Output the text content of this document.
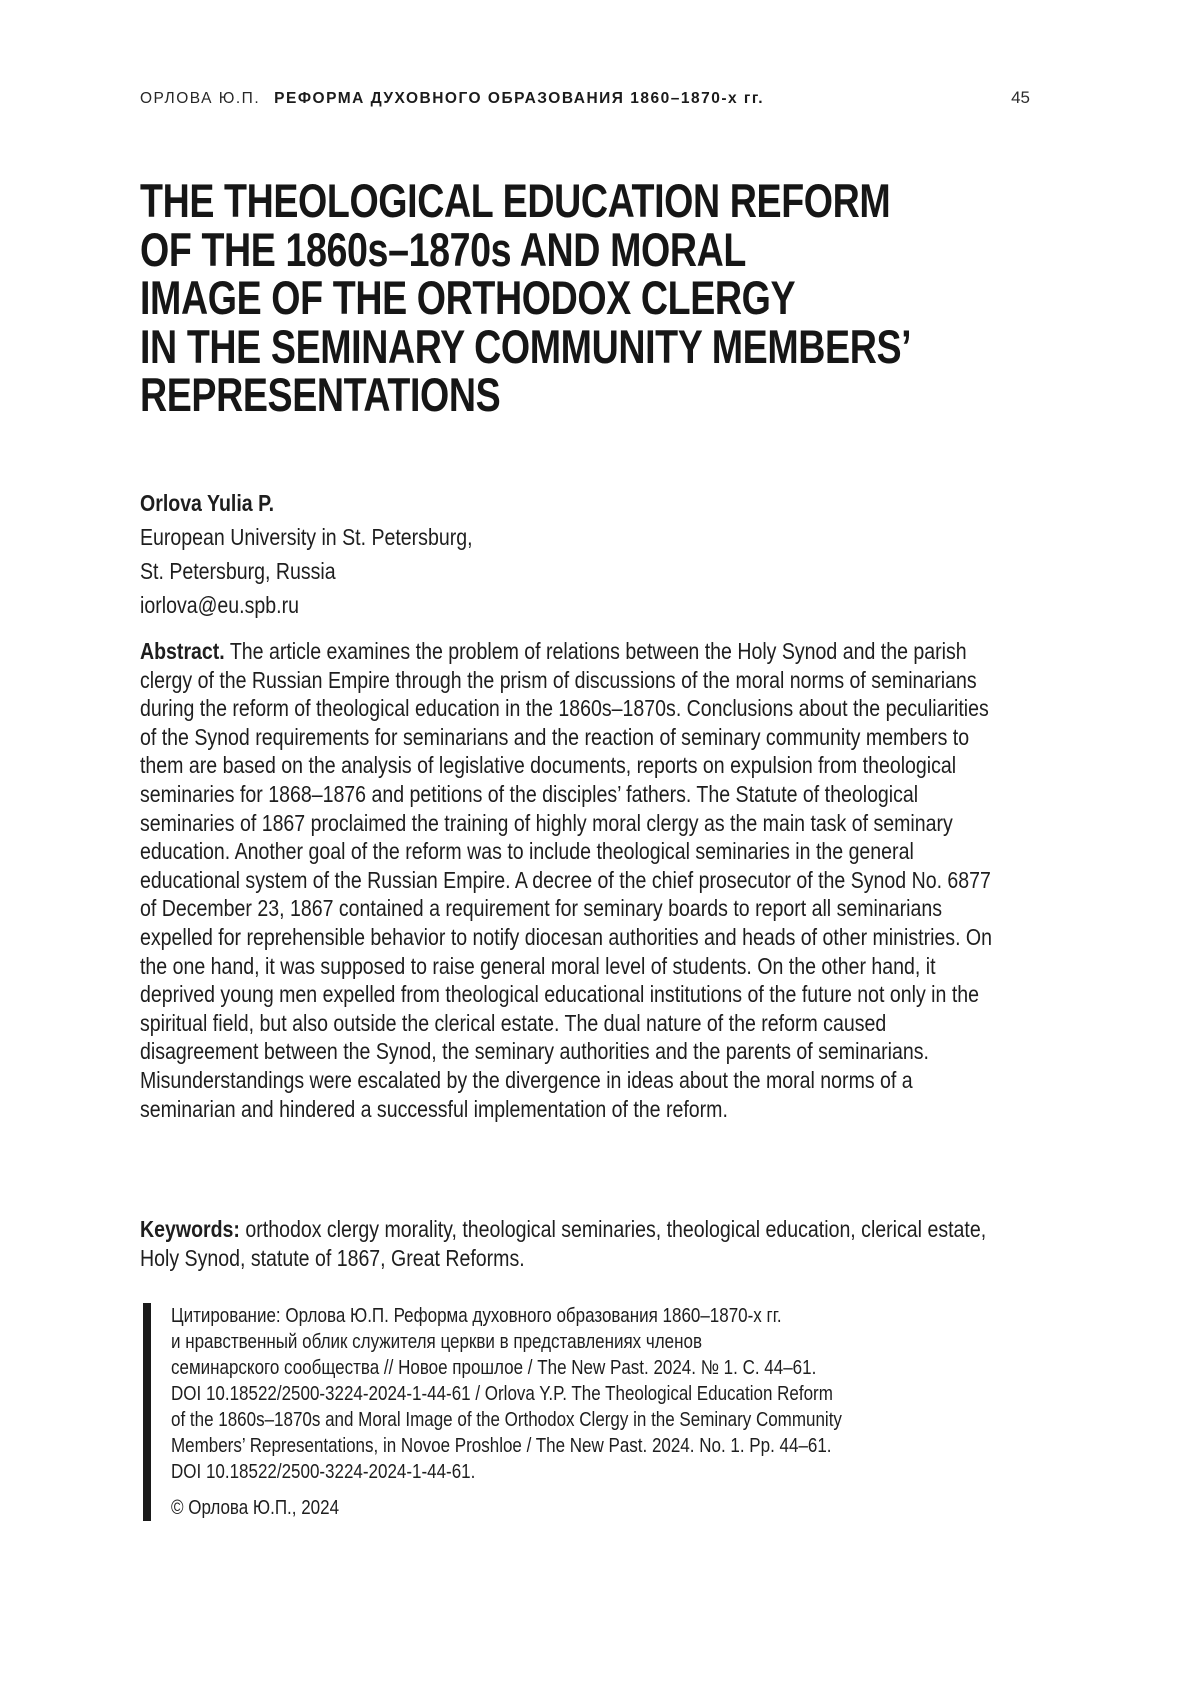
ОРЛОВА Ю.П. РЕФОРМА ДУХОВНОГО ОБРАЗОВАНИЯ 1860–1870-х гг.	45
THE THEOLOGICAL EDUCATION REFORM
OF THE 1860s–1870s AND MORAL
IMAGE OF THE ORTHODOX CLERGY
IN THE SEMINARY COMMUNITY MEMBERS’
REPRESENTATIONS
Orlova Yulia P.
European University in St. Petersburg,
St. Petersburg, Russia
iorlova@eu.spb.ru
Abstract. The article examines the problem of relations between the Holy Synod and the parish clergy of the Russian Empire through the prism of discussions of the moral norms of seminarians during the reform of theological education in the 1860s–1870s. Conclusions about the peculiarities of the Synod requirements for seminarians and the reaction of seminary community members to them are based on the analysis of legislative documents, reports on expulsion from theological seminaries for 1868–1876 and petitions of the disciples’ fathers. The Statute of theological seminaries of 1867 proclaimed the training of highly moral clergy as the main task of seminary education. Another goal of the reform was to include theological seminaries in the general educational system of the Russian Empire. A decree of the chief prosecutor of the Synod No. 6877 of December 23, 1867 contained a requirement for seminary boards to report all seminarians expelled for reprehensible behavior to notify diocesan authorities and heads of other ministries. On the one hand, it was supposed to raise general moral level of students. On the other hand, it deprived young men expelled from theological educational institutions of the future not only in the spiritual field, but also outside the clerical estate. The dual nature of the reform caused disagreement between the Synod, the seminary authorities and the parents of seminarians. Misunderstandings were escalated by the divergence in ideas about the moral norms of a seminarian and hindered a successful implementation of the reform.
Keywords: orthodox clergy morality, theological seminaries, theological education, clerical estate, Holy Synod, statute of 1867, Great Reforms.
Цитирование: Орлова Ю.П. Реформа духовного образования 1860–1870-х гг.
и нравственный облик служителя церкви в представлениях членов
семинарского сообщества // Новое прошлое / The New Past. 2024. № 1. С. 44–61.
DOI 10.18522/2500-3224-2024-1-44-61 / Orlova Y.P. The Theological Education Reform
of the 1860s–1870s and Moral Image of the Orthodox Clergy in the Seminary Community
Members’ Representations, in Novoe Proshloe / The New Past. 2024. No. 1. Pp. 44–61.
DOI 10.18522/2500-3224-2024-1-44-61.
© Орлова Ю.П., 2024
